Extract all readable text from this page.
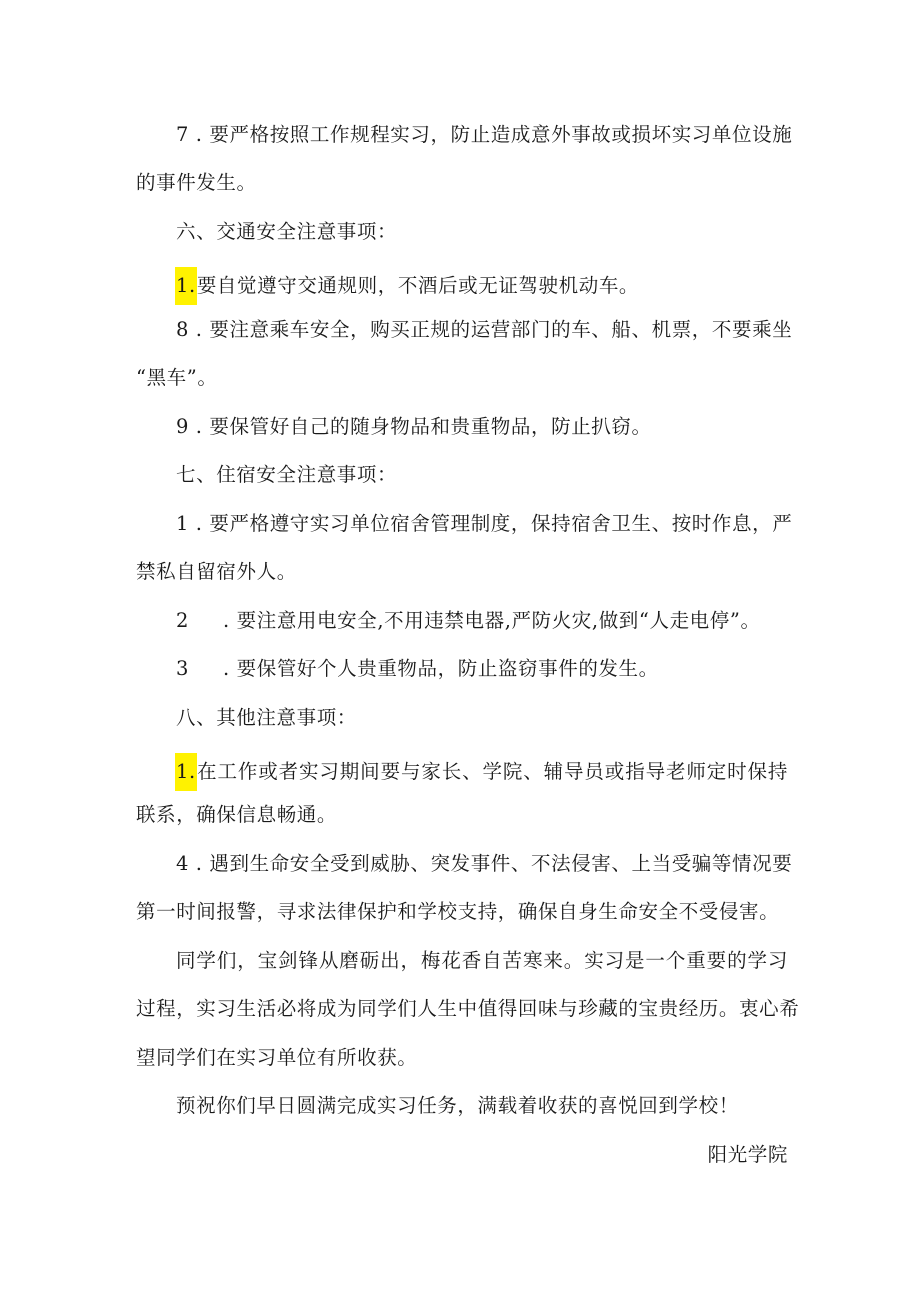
7 . 要严格按照工作规程实习，防止造成意外事故或损坏实习单位设施
的事件发生。
六、交通安全注意事项：
1.要自觉遵守交通规则，不酒后或无证驾驶机动车。
8 . 要注意乘车安全，购买正规的运营部门的车、船、机票，不要乘坐
“黑车”。
9 . 要保管好自己的随身物品和贵重物品，防止扒窃。
七、住宿安全注意事项：
1 . 要严格遵守实习单位宿舍管理制度，保持宿舍卫生、按时作息，严
禁私自留宿外人。
2 . 要注意用电安全,不用违禁电器,严防火灾,做到“人走电停”。
3 . 要保管好个人贵重物品，防止盗窃事件的发生。
八、其他注意事项：
1.在工作或者实习期间要与家长、学院、辅导员或指导老师定时保持
联系，确保信息畅通。
4 . 遇到生命安全受到威胁、突发事件、不法侵害、上当受骗等情况要
第一时间报警，寻求法律保护和学校支持，确保自身生命安全不受侵害。
同学们，宝剑锋从磨砺出，梅花香自苦寒来。实习是一个重要的学习
过程，实习生活必将成为同学们人生中值得回味与珍藏的宝贵经历。衷心希
望同学们在实习单位有所收获。
预祝你们早日圆满完成实习任务，满载着收获的喜悦回到学校！
阳光学院
